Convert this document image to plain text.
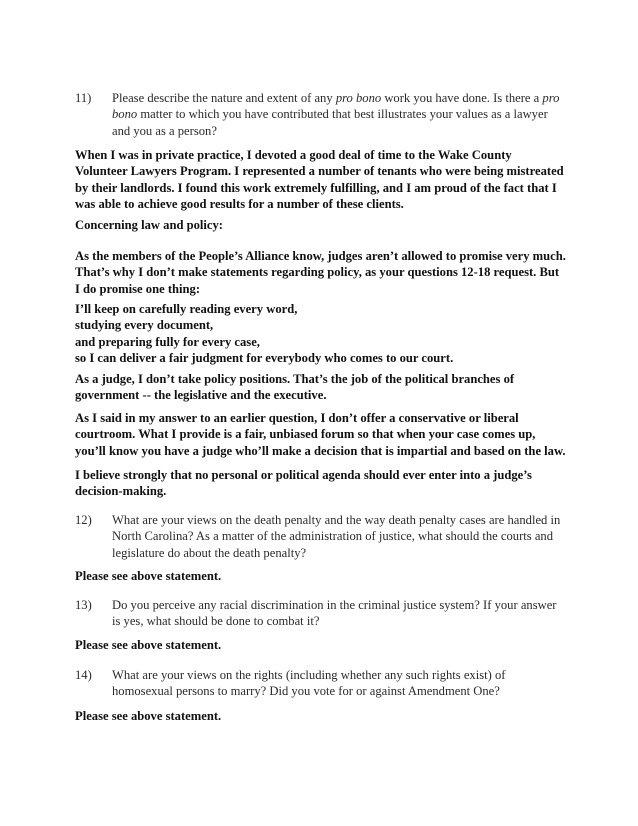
11) Please describe the nature and extent of any pro bono work you have done. Is there a pro bono matter to which you have contributed that best illustrates your values as a lawyer and you as a person?
When I was in private practice, I devoted a good deal of time to the Wake County Volunteer Lawyers Program. I represented a number of tenants who were being mistreated by their landlords. I found this work extremely fulfilling, and I am proud of the fact that I was able to achieve good results for a number of these clients.
Concerning law and policy:
As the members of the People’s Alliance know, judges aren’t allowed to promise very much. That’s why I don’t make statements regarding policy, as your questions 12-18 request. But I do promise one thing:
I’ll keep on carefully reading every word,
studying every document,
and preparing fully for every case,
so I can deliver a fair judgment for everybody who comes to our court.
As a judge, I don’t take policy positions. That’s the job of the political branches of government -- the legislative and the executive.
As I said in my answer to an earlier question, I don’t offer a conservative or liberal courtroom. What I provide is a fair, unbiased forum so that when your case comes up, you’ll know you have a judge who’ll make a decision that is impartial and based on the law.
I believe strongly that no personal or political agenda should ever enter into a judge’s decision-making.
12) What are your views on the death penalty and the way death penalty cases are handled in North Carolina? As a matter of the administration of justice, what should the courts and legislature do about the death penalty?
Please see above statement.
13) Do you perceive any racial discrimination in the criminal justice system? If your answer is yes, what should be done to combat it?
Please see above statement.
14) What are your views on the rights (including whether any such rights exist) of homosexual persons to marry? Did you vote for or against Amendment One?
Please see above statement.
